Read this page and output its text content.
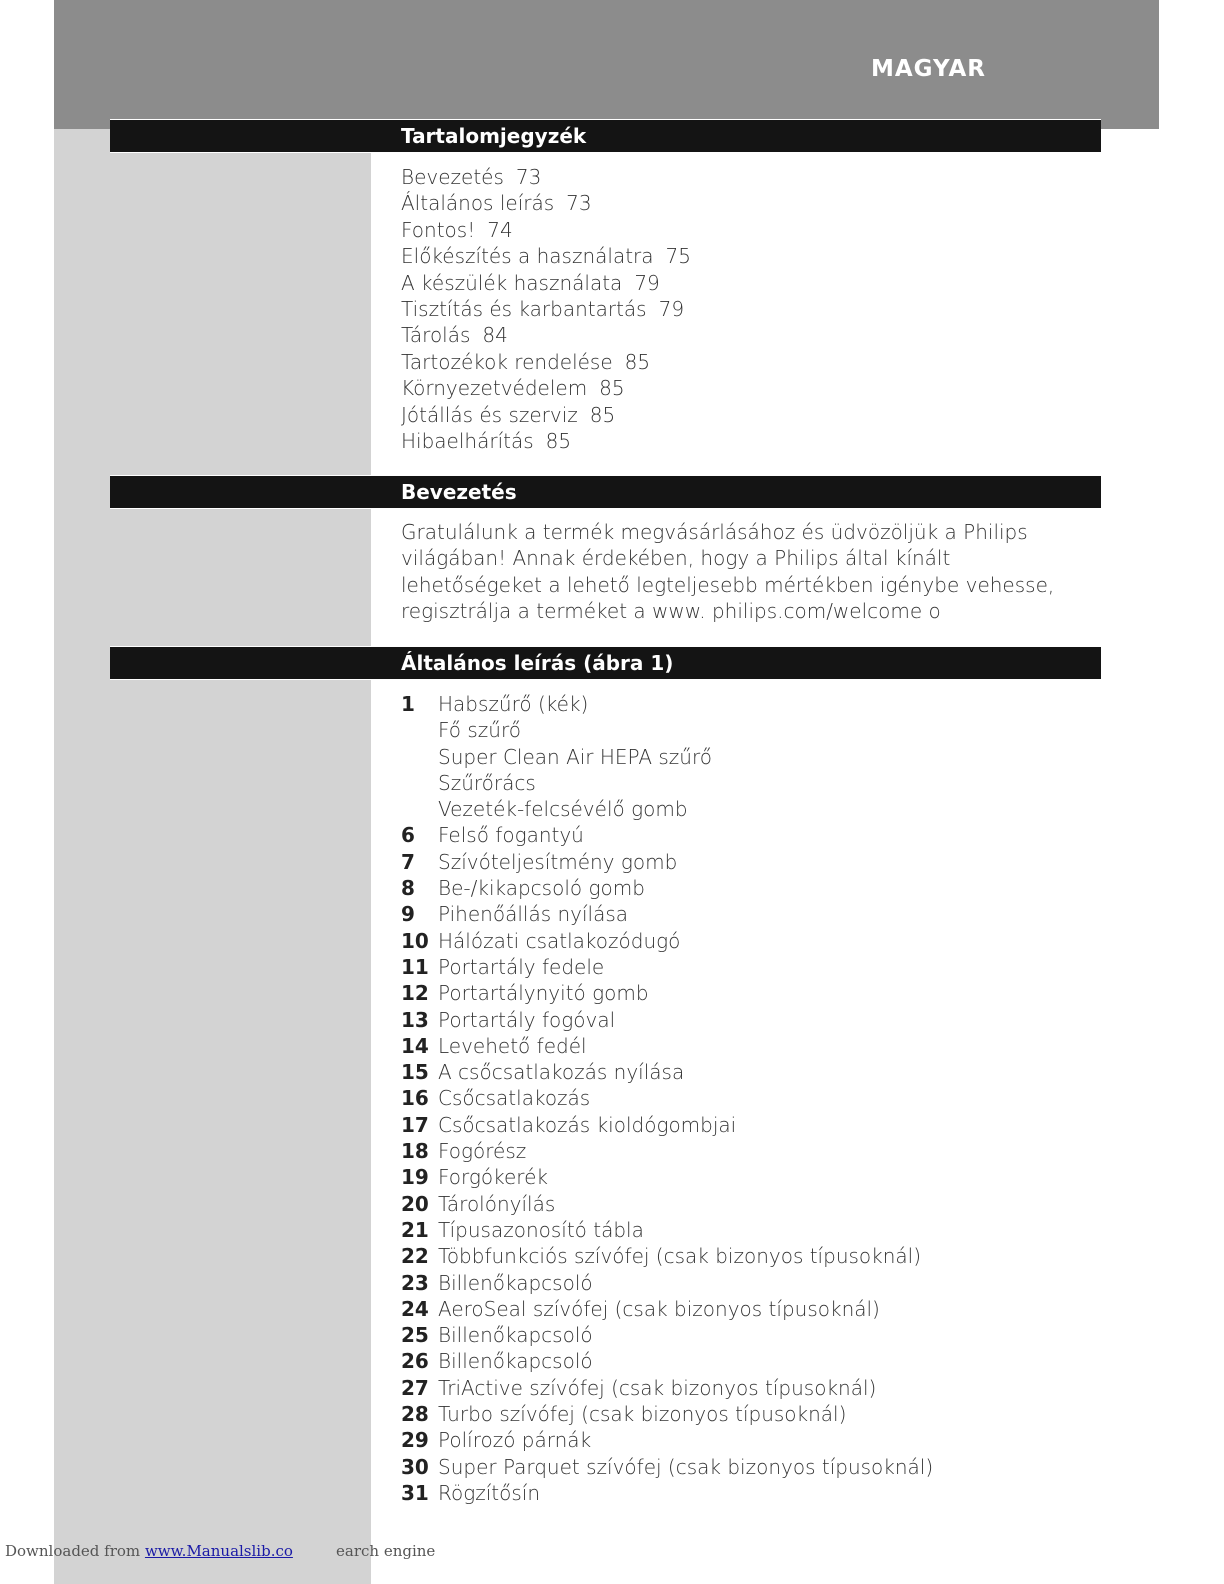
MAGYAR
Tartalomjegyzék
Bevezetés 73
Általános leírás 73
Fontos! 74
Előkészítés a használatra 75
A készülék használata 79
Tisztítás és karbantartás 79
Tárolás 84
Tartozékok rendelése 85
Környezetvédelem 85
Jótállás és szerviz 85
Hibaelhárítás 85
Bevezetés
Gratulálunk a termék megvásárlásához és üdvözöljük a Philips világában! Annak érdekében, hogy a Philips által kínált lehetőségeket a lehető legteljesebb mértékben igénybe vehesse, regisztrálja a terméket a www. philips.com/welcome o
Általános leírás (ábra 1)
1 Habszűrő (kék)
Fő szűrő
Super Clean Air HEPA szűrő
Szűrőrács
Vezeték-felcsévélő gomb
6 Felső fogantyú
7 Szívóteljesítmény gomb
8 Be-/kikapcsoló gomb
9 Pihenőállás nyílása
10 Hálózati csatlakozódugó
11 Portartály fedele
12 Portartálynyitó gomb
13 Portartály fogóval
14 Levehető fedél
15 A csőcsatlakozás nyílása
16 Csőcsatlakozás
17 Csőcsatlakozás kioldógombjai
18 Fogórész
19 Forgókerék
20 Tárolónyílás
21 Típusazonosító tábla
22 Többfunkciós szívófej (csak bizonyos típusoknál)
23 Billenőkapcsoló
24 AeroSeal szívófej (csak bizonyos típusoknál)
25 Billenőkapcsoló
26 Billenőkapcsoló
27 TriActive szívófej (csak bizonyos típusoknál)
28 Turbo szívófej (csak bizonyos típusoknál)
29 Polírozó párnák
30 Super Parquet szívófej (csak bizonyos típusoknál)
31 Rögzítősín
Downloaded from www.Manualslib.co	earch engine
